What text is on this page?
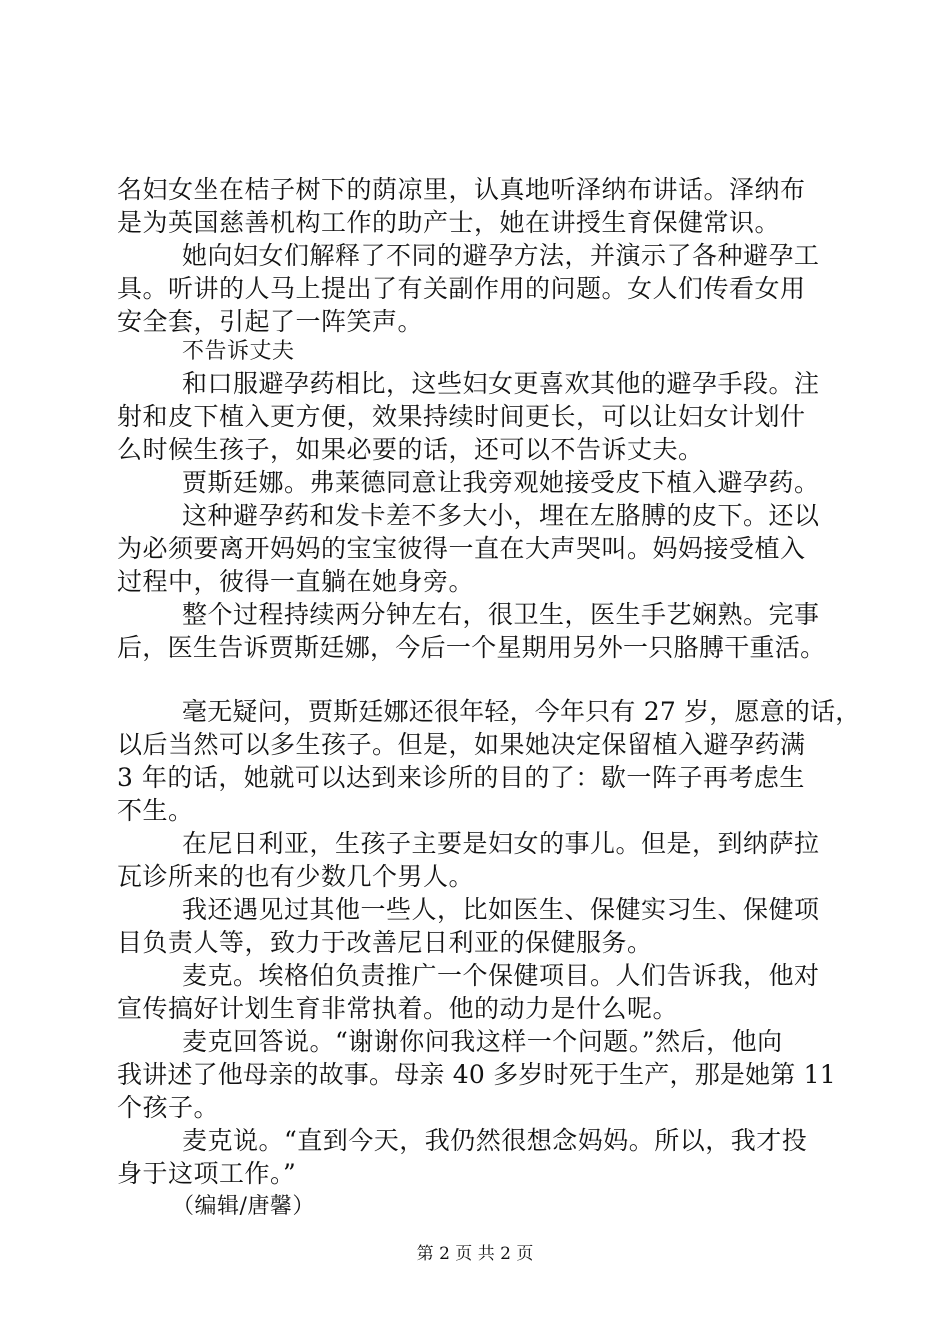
名妇女坐在桔子树下的荫凉里，认真地听泽纳布讲话。泽纳布
是为英国慈善机构工作的助产士，她在讲授生育保健常识。
她向妇女们解释了不同的避孕方法，并演示了各种避孕工
具。听讲的人马上提出了有关副作用的问题。女人们传看女用
安全套，引起了一阵笑声。
不告诉丈夫
和口服避孕药相比，这些妇女更喜欢其他的避孕手段。注
射和皮下植入更方便，效果持续时间更长，可以让妇女计划什
么时候生孩子，如果必要的话，还可以不告诉丈夫。
贾斯廷娜。弗莱德同意让我旁观她接受皮下植入避孕药。
这种避孕药和发卡差不多大小，埋在左胳膊的皮下。还以
为必须要离开妈妈的宝宝彼得一直在大声哭叫。妈妈接受植入
过程中，彼得一直躺在她身旁。
整个过程持续两分钟左右，很卫生，医生手艺娴熟。完事
后，医生告诉贾斯廷娜，今后一个星期用另外一只胳膊干重活。
毫无疑问，贾斯廷娜还很年轻，今年只有 27 岁，愿意的话，
以后当然可以多生孩子。但是，如果她决定保留植入避孕药满
3 年的话，她就可以达到来诊所的目的了：歇一阵子再考虑生
不生。
在尼日利亚，生孩子主要是妇女的事儿。但是，到纳萨拉
瓦诊所来的也有少数几个男人。
我还遇见过其他一些人，比如医生、保健实习生、保健项
目负责人等，致力于改善尼日利亚的保健服务。
麦克。埃格伯负责推广一个保健项目。人们告诉我，他对
宣传搞好计划生育非常执着。他的动力是什么呢。
麦克回答说。“谢谢你问我这样一个问题。”然后，他向
我讲述了他母亲的故事。母亲 40 多岁时死于生产，那是她第 11
个孩子。
麦克说。“直到今天，我仍然很想念妈妈。所以，我才投
身于这项工作。”
（编辑/唐馨）
第 2 页 共 2 页
